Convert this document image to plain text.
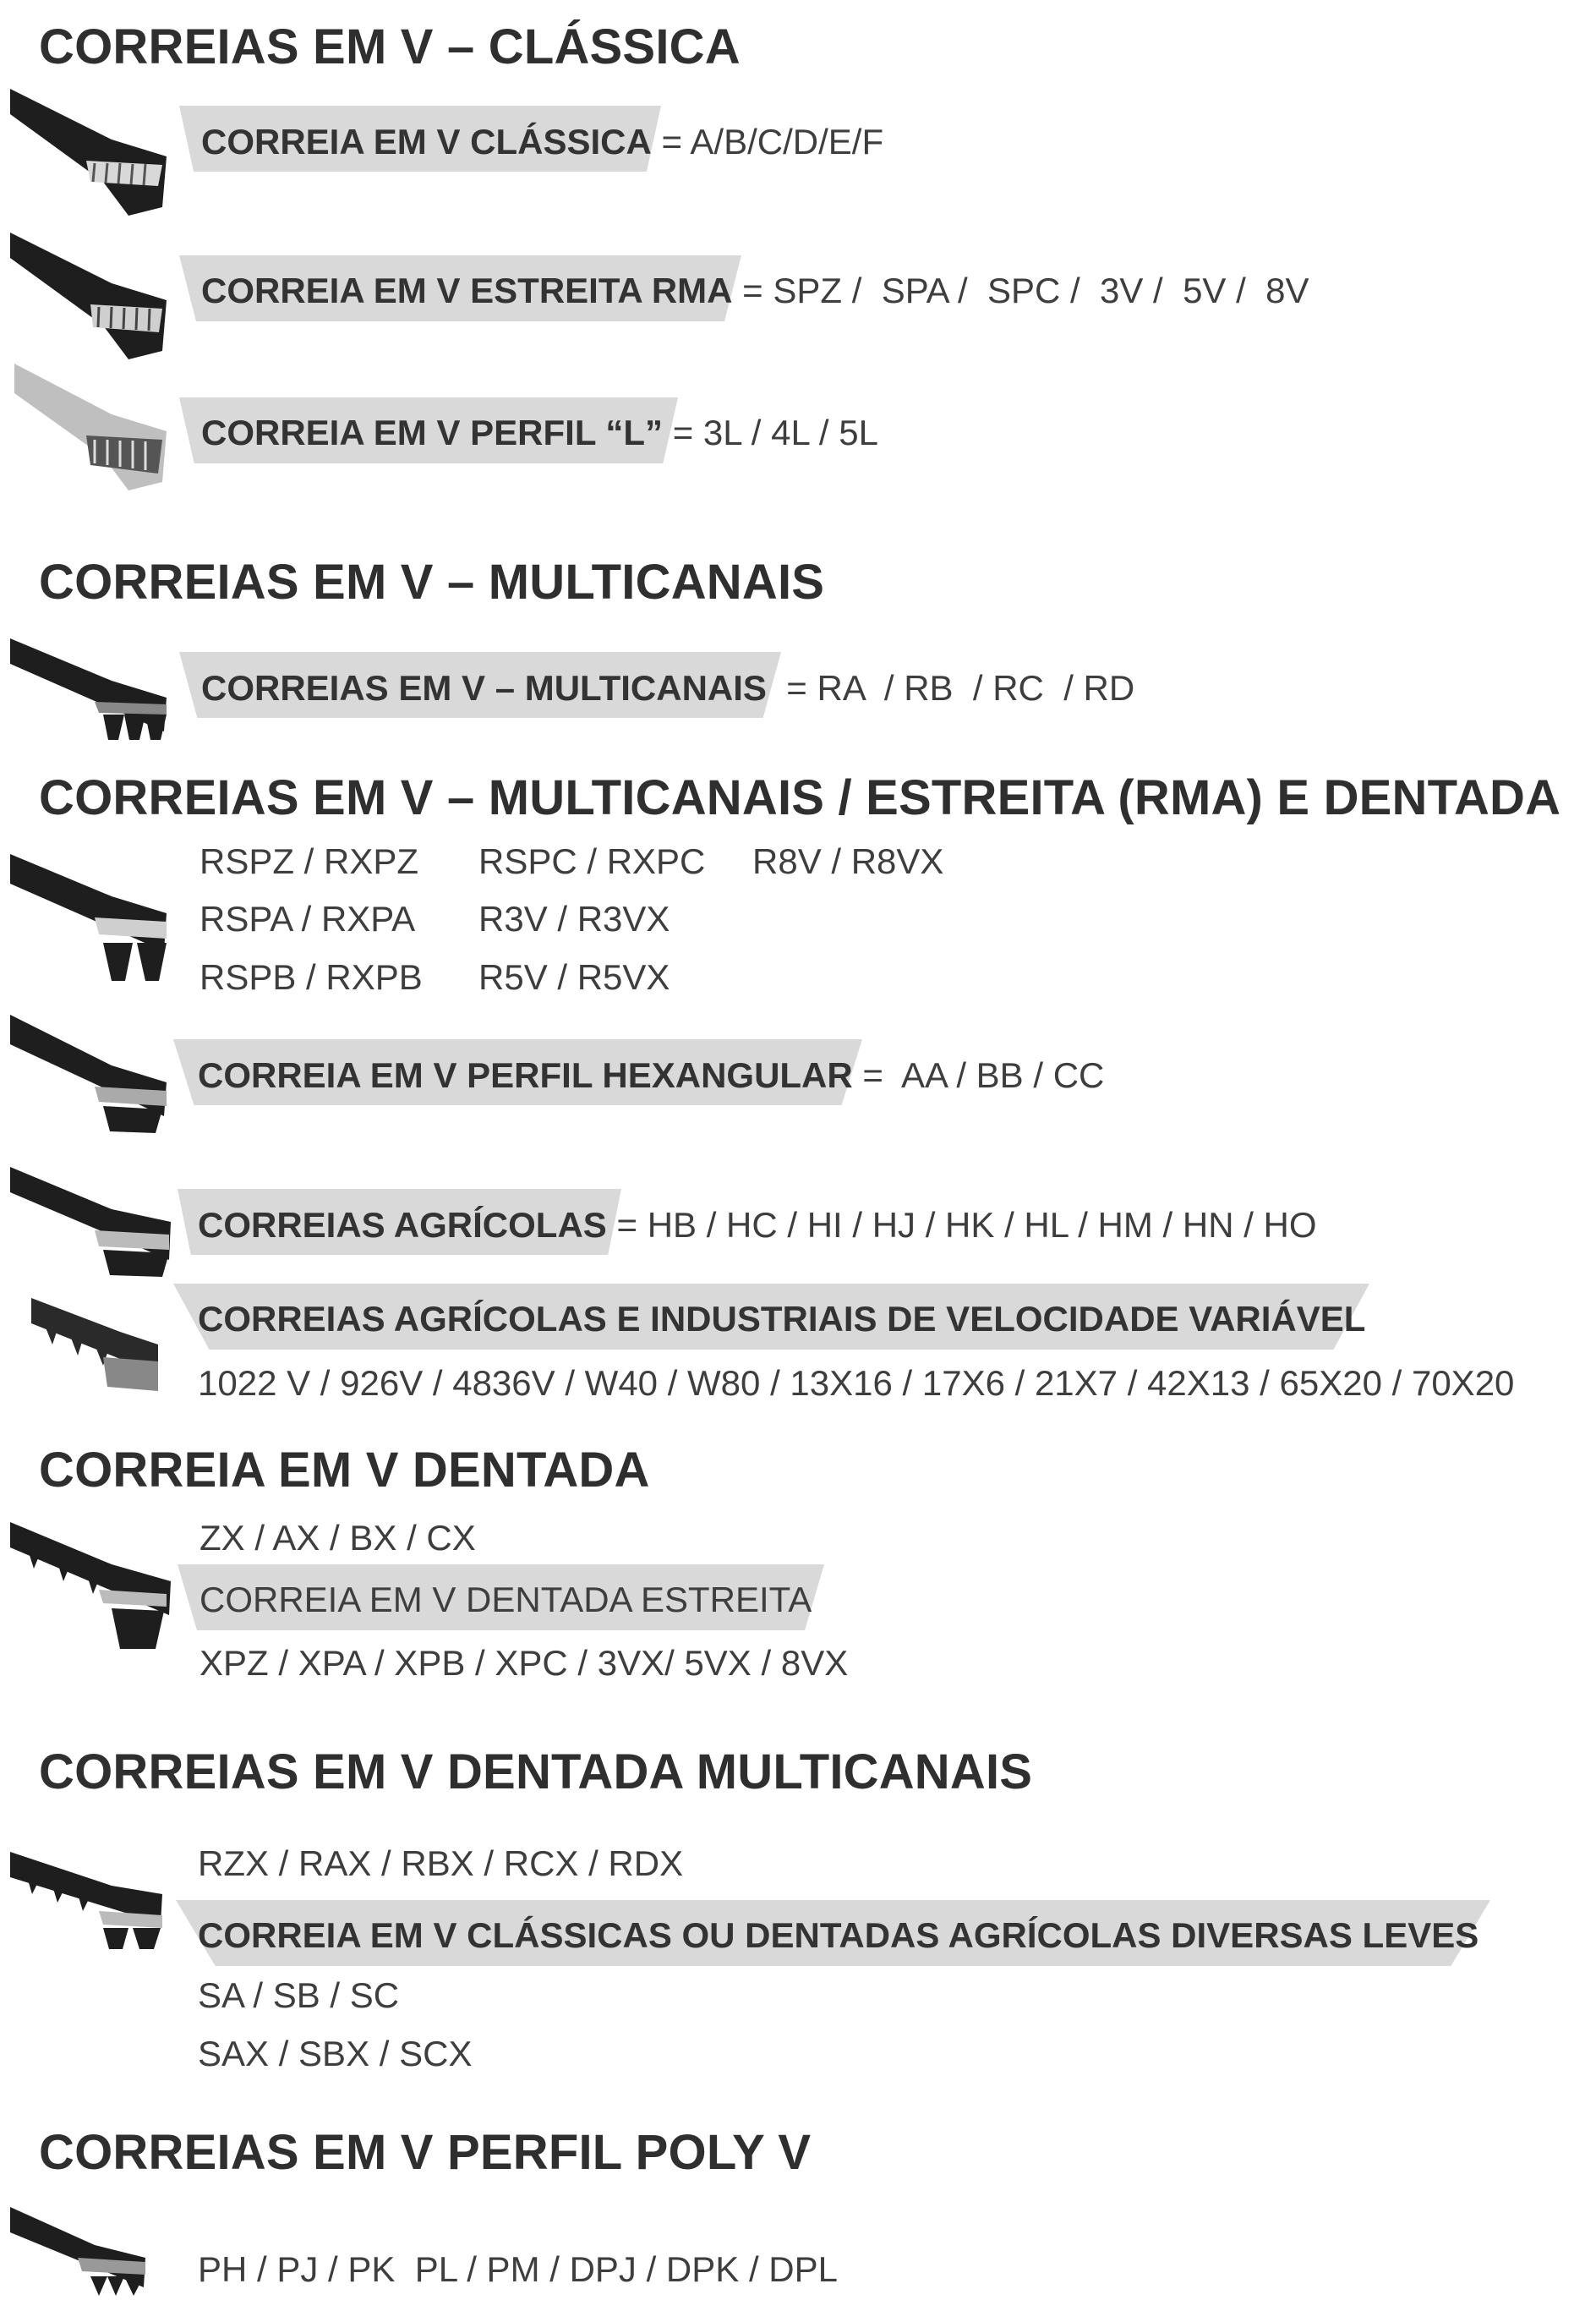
CORREIAS EM V – CLÁSSICA
CORREIA EM V CLÁSSICA = A/B/C/D/E/F
CORREIA EM V ESTREITA RMA = SPZ /  SPA /  SPC /  3V /  5V /  8V
CORREIA EM V PERFIL “L” = 3L / 4L / 5L
CORREIAS EM V – MULTICANAIS
CORREIAS EM V – MULTICANAIS  = RA  / RB  / RC  / RD
CORREIAS EM V – MULTICANAIS / ESTREITA (RMA) E DENTADA
RSPZ / RXPZ RSPC / RXPC R8V / R8VX
RSPA / RXPA R3V / R3VX
RSPB / RXPB R5V / R5VX
CORREIA EM V PERFIL HEXANGULAR =  AA / BB / CC
CORREIAS AGRÍCOLAS = HB / HC / HI / HJ / HK / HL / HM / HN / HO
CORREIAS AGRÍCOLAS E INDUSTRIAIS DE VELOCIDADE VARIÁVEL
1022 V / 926V / 4836V / W40 / W80 / 13X16 / 17X6 / 21X7 / 42X13 / 65X20 / 70X20
CORREIA EM V DENTADA
ZX / AX / BX / CX
CORREIA EM V DENTADA ESTREITA
XPZ / XPA / XPB / XPC / 3VX/ 5VX / 8VX
CORREIAS EM V DENTADA MULTICANAIS
RZX / RAX / RBX / RCX / RDX
CORREIA EM V CLÁSSICAS OU DENTADAS AGRÍCOLAS DIVERSAS LEVES
SA / SB / SC
SAX / SBX / SCX
CORREIAS EM V PERFIL POLY V
PH / PJ / PK  PL / PM / DPJ / DPK / DPL
